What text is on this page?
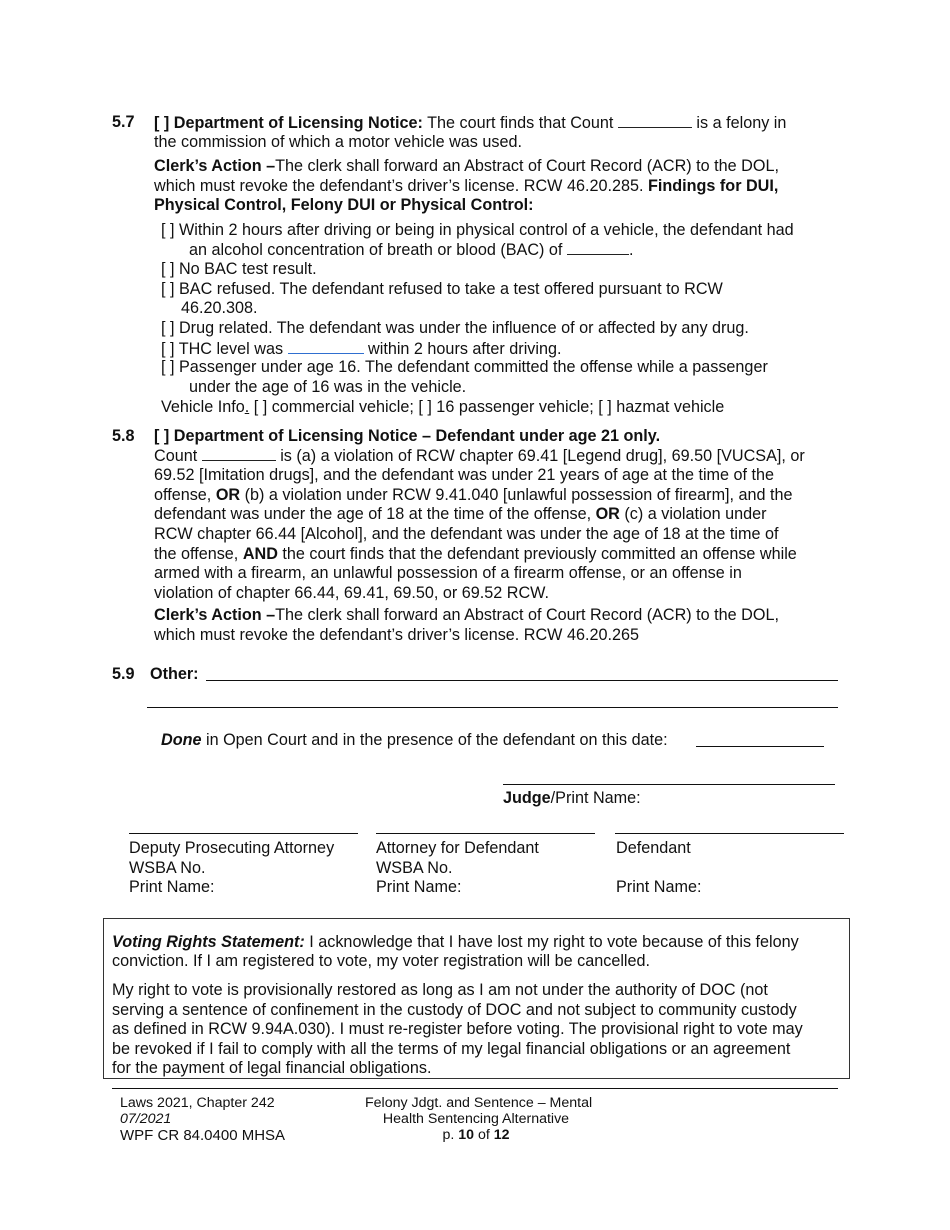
5.7 [ ] Department of Licensing Notice: The court finds that Count	is a felony in
the commission of which a motor vehicle was used.
Clerk’s Action –The clerk shall forward an Abstract of Court Record (ACR) to the DOL,
which must revoke the defendant’s driver’s license. RCW 46.20.285. Findings for DUI,
Physical Control, Felony DUI or Physical Control:
[ ] Within 2 hours after driving or being in physical control of a vehicle, the defendant had
an alcohol concentration of breath or blood (BAC) of	.
[ ] No BAC test result.
[ ] BAC refused. The defendant refused to take a test offered pursuant to RCW
46.20.308.
[ ] Drug related. The defendant was under the influence of or affected by any drug.
[ ] THC level was	within 2 hours after driving.
[ ] Passenger under age 16. The defendant committed the offense while a passenger
under the age of 16 was in the vehicle.
Vehicle Info. [ ] commercial vehicle; [ ] 16 passenger vehicle; [ ] hazmat vehicle
5.8 [ ] Department of Licensing Notice – Defendant under age 21 only.
Count	is (a) a violation of RCW chapter 69.41 [Legend drug], 69.50 [VUCSA], or
69.52 [Imitation drugs], and the defendant was under 21 years of age at the time of the
offense, OR (b) a violation under RCW 9.41.040 [unlawful possession of firearm], and the
defendant was under the age of 18 at the time of the offense, OR (c) a violation under
RCW chapter 66.44 [Alcohol], and the defendant was under the age of 18 at the time of
the offense, AND the court finds that the defendant previously committed an offense while
armed with a firearm, an unlawful possession of a firearm offense, or an offense in
violation of chapter 66.44, 69.41, 69.50, or 69.52 RCW.
Clerk’s Action –The clerk shall forward an Abstract of Court Record (ACR) to the DOL,
which must revoke the defendant’s driver’s license. RCW 46.20.265
5.9 Other:
Done in Open Court and in the presence of the defendant on this date:
Judge/Print Name:
Deputy Prosecuting Attorney
WSBA No.
Print Name:
Attorney for Defendant
WSBA No.
Print Name:
Defendant
Print Name:
Voting Rights Statement: I acknowledge that I have lost my right to vote because of this felony
conviction. If I am registered to vote, my voter registration will be cancelled.
My right to vote is provisionally restored as long as I am not under the authority of DOC (not
serving a sentence of confinement in the custody of DOC and not subject to community custody
as defined in RCW 9.94A.030). I must re-register before voting. The provisional right to vote may
be revoked if I fail to comply with all the terms of my legal financial obligations or an agreement
for the payment of legal financial obligations.
Laws 2021, Chapter 242
07/2021
WPF CR 84.0400 MHSA
Felony Jdgt. and Sentence – Mental
Health Sentencing Alternative
p. 10 of 12
